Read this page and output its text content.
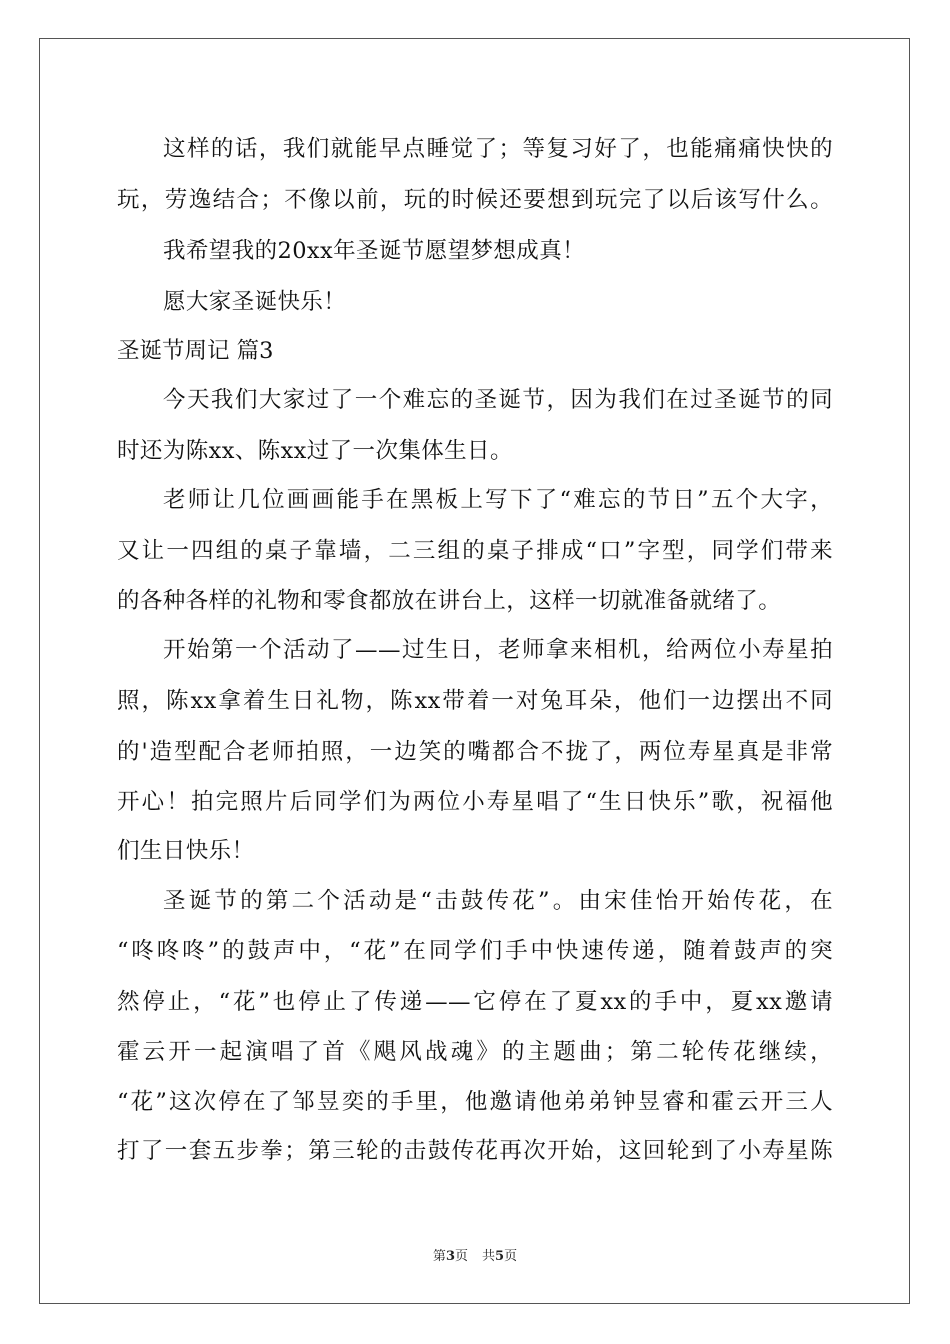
这样的话，我们就能早点睡觉了；等复习好了，也能痛痛快快的
玩，劳逸结合；不像以前，玩的时候还要想到玩完了以后该写什么。
我希望我的20xx年圣诞节愿望梦想成真！
愿大家圣诞快乐！
圣诞节周记 篇3
今天我们大家过了一个难忘的圣诞节，因为我们在过圣诞节的同
时还为陈xx、陈xx过了一次集体生日。
老师让几位画画能手在黑板上写下了“难忘的节日”五个大字，
又让一四组的桌子靠墙，二三组的桌子排成“口”字型，同学们带来
的各种各样的礼物和零食都放在讲台上，这样一切就准备就绪了。
开始第一个活动了——过生日，老师拿来相机，给两位小寿星拍
照，陈xx拿着生日礼物，陈xx带着一对兔耳朵，他们一边摆出不同
的'造型配合老师拍照，一边笑的嘴都合不拢了，两位寿星真是非常
开心！拍完照片后同学们为两位小寿星唱了“生日快乐”歌，祝福他
们生日快乐！
圣诞节的第二个活动是“击鼓传花”。由宋佳怡开始传花，在
“咚咚咚”的鼓声中，“花”在同学们手中快速传递，随着鼓声的突
然停止，“花”也停止了传递——它停在了夏xx的手中，夏xx邀请
霍云开一起演唱了首《飓风战魂》的主题曲；第二轮传花继续，
“花”这次停在了邹昱奕的手里，他邀请他弟弟钟昱睿和霍云开三人
打了一套五步拳；第三轮的击鼓传花再次开始，这回轮到了小寿星陈
第3页 共5页
